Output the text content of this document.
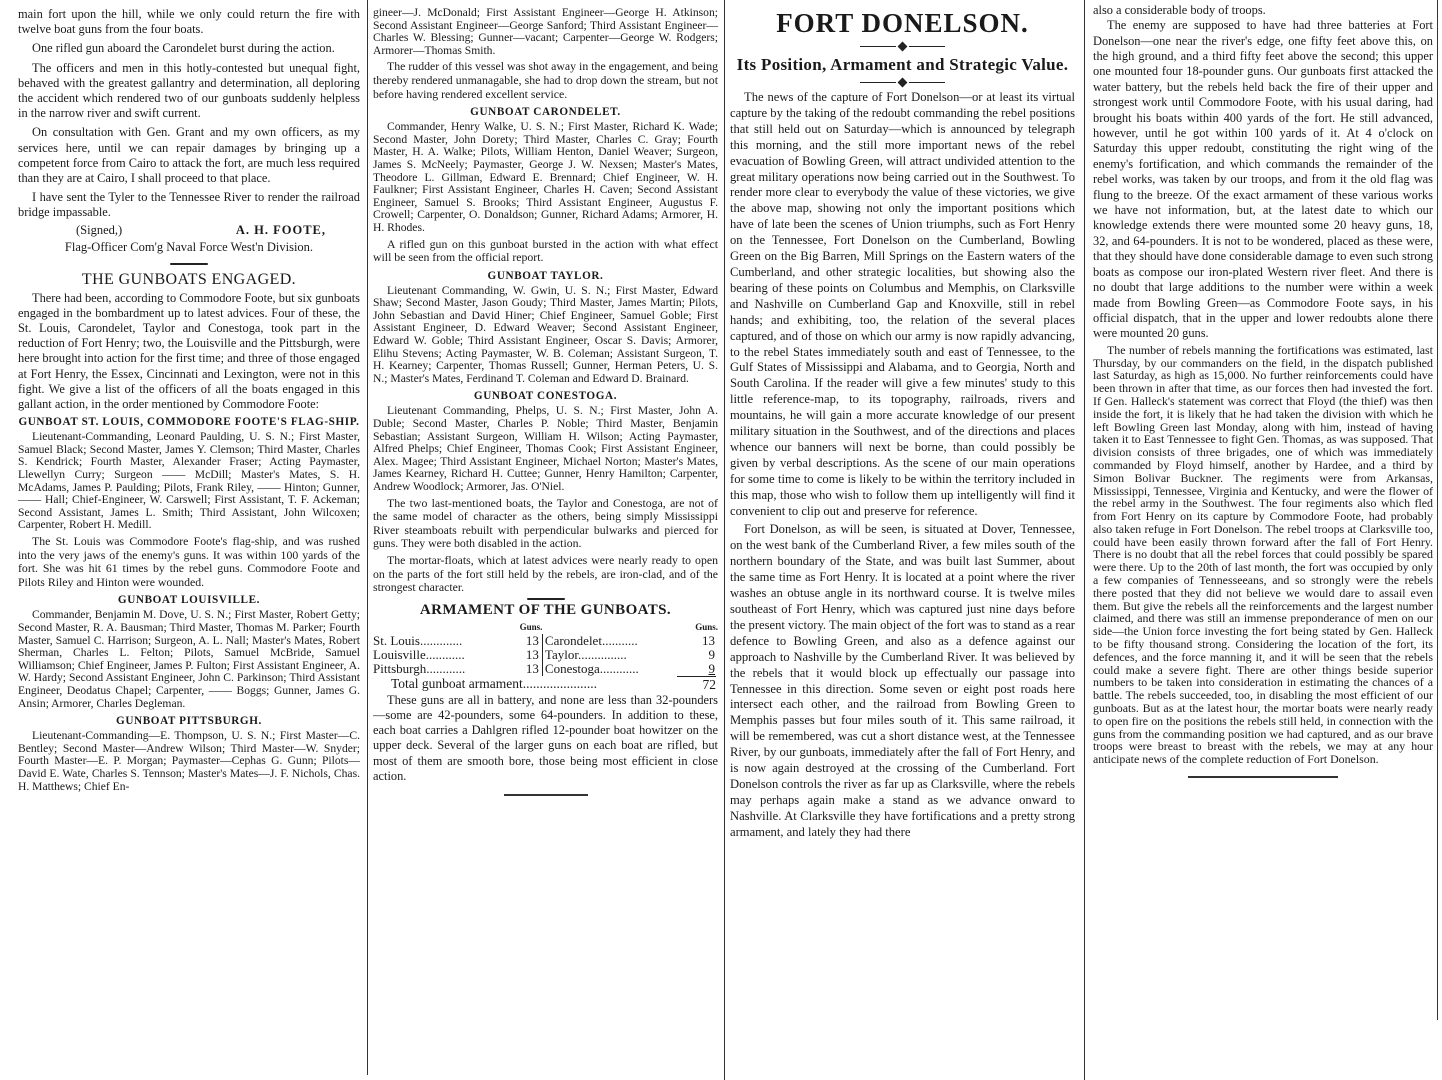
main fort upon the hill, while we only could return the fire with twelve boat guns from the four boats.

One rifled gun aboard the Carondelet burst during the action.

The officers and men in this hotly-contested but unequal fight, behaved with the greatest gallantry and determination, all deploring the accident which rendered two of our gunboats suddenly helpless in the narrow river and swift current.

On consultation with Gen. Grant and my own officers, as my services here, until we can repair damages by bringing up a competent force from Cairo to attack the fort, are much less required than they are at Cairo, I shall proceed to that place.

I have sent the Tyler to the Tennessee River to render the railroad bridge impassable.

(Signed,)	A. H. FOOTE,
Flag-Officer Com'g Naval Force West'n Division.
THE GUNBOATS ENGAGED.

There had been, according to Commodore Foote, but six gunboats engaged in the bombardment up to latest advices. Four of these, the St. Louis, Carondelet, Taylor and Conestoga, took part in the reduction of Fort Henry; two, the Louisville and the Pittsburgh, were here brought into action for the first time; and three of those engaged at Fort Henry, the Essex, Cincinnati and Lexington, were not in this fight. We give a list of the officers of all the boats engaged in this gallant action, in the order mentioned by Commodore Foote:

GUNBOAT ST. LOUIS, COMMODORE FOOTE'S FLAG-SHIP.

Lieutenant-Commanding, Leonard Paulding, U. S. N.; First Master, Samuel Black; Second Master, James Y. Clemson; Third Master, Charles S. Kendrick; Fourth Master, Alexander Fraser; Acting Paymaster, Llewellyn Curry; Surgeon —— McDill; Master's Mates, S. H. McAdams, James P. Paulding; Pilots, Frank Riley, —— Hinton; Gunner, —— Hall; Chief-Engineer, W. Carswell; First Assistant, T. F. Ackeman; Second Assistant, James L. Smith; Third Assistant, John Wilcoxen; Carpenter, Robert H. Medill.

The St. Louis was Commodore Foote's flag-ship, and was rushed into the very jaws of the enemy's guns. It was within 100 yards of the fort. She was hit 61 times by the rebel guns. Commodore Foote and Pilots Riley and Hinton were wounded.

GUNBOAT LOUISVILLE.

Commander, Benjamin M. Dove, U. S. N.; First Master, Robert Getty; Second Master, R. A. Bausman; Third Master, Thomas M. Parker; Fourth Master, Samuel C. Harrison; Surgeon, A. L. Nall; Master's Mates, Robert Sherman, Charles L. Felton; Pilots, Samuel McBride, Samuel Williamson; Chief Engineer, James P. Fulton; First Assistant Engineer, A. W. Hardy; Second Assistant Engineer, John C. Parkinson; Third Assistant Engineer, Deodatus Chapel; Carpenter, —— Boggs; Gunner, James G. Ansin; Armorer, Charles Degleman.

GUNBOAT PITTSBURGH.

Lieutenant-Commanding—E. Thompson, U. S. N.; First Master—C. Bentley; Second Master—Andrew Wilson; Third Master—W. Snyder; Fourth Master—E. P. Morgan; Paymaster—Cephas G. Gunn; Pilots—David E. Wate, Charles S. Tennson; Master's Mates—J. F. Nichols, Chas. H. Matthews; Chief En-

gineer—J. McDonald; First Assistant Engineer—George H. Atkinson; Second Assistant Engineer—George Sanford; Third Assistant Engineer—Charles W. Blessing; Gunner—vacant; Carpenter—George W. Rodgers; Armorer—Thomas Smith.

The rudder of this vessel was shot away in the engagement, and being thereby rendered unmanagable, she had to drop down the stream, but not before having rendered excellent service.

GUNBOAT CARONDELET.

Commander, Henry Walke, U. S. N.; First Master, Richard K. Wade; Second Master, John Dorety; Third Master, Charles C. Gray; Fourth Master, H. A. Walke; Pilots, William Henton, Daniel Weaver; Surgeon, James S. McNeely; Paymaster, George J. W. Nexsen; Master's Mates, Theodore L. Gillman, Edward E. Brennard; Chief Engineer, W. H. Faulkner; First Assistant Engineer, Charles H. Caven; Second Assistant Engineer, Samuel S. Brooks; Third Assistant Engineer, Augustus F. Crowell; Carpenter, O. Donaldson; Gunner, Richard Adams; Armorer, H. H. Rhodes.

A rifled gun on this gunboat bursted in the action with what effect will be seen from the official report.

GUNBOAT TAYLOR.

Lieutenant Commanding, W. Gwin, U. S. N.; First Master, Edward Shaw; Second Master, Jason Goudy; Third Master, James Martin; Pilots, John Sebastian and David Hiner; Chief Engineer, Samuel Goble; First Assistant Engineer, D. Edward Weaver; Second Assistant Engineer, Edward W. Goble; Third Assistant Engineer, Oscar S. Davis; Armorer, Elihu Stevens; Acting Paymaster, W. B. Coleman; Assistant Surgeon, T. H. Kearney; Carpenter, Thomas Russell; Gunner, Herman Peters, U. S. N.; Master's Mates, Ferdinand T. Coleman and Edward D. Brainard.

GUNBOAT CONESTOGA.

Lieutenant Commanding, Phelps, U. S. N.; First Master, John A. Duble; Second Master, Charles P. Noble; Third Master, Benjamin Sebastian; Assistant Surgeon, William H. Wilson; Acting Paymaster, Alfred Phelps; Chief Engineer, Thomas Cook; First Assistant Engineer, Alex. Magee; Third Assistant Engineer, Michael Norton; Master's Mates, James Kearney, Richard H. Cuttee; Gunner, Henry Hamilton; Carpenter, Andrew Woodlock; Armorer, Jas. O'Niel.

The two last-mentioned boats, the Taylor and Conestoga, are not of the same model of character as the others, being simply Mississippi River steamboats rebuilt with perpendicular bulwarks and pierced for guns. They were both disabled in the action.

The mortar-floats, which at latest advices were nearly ready to open on the parts of the fort still held by the rebels, are iron-clad, and of the strongest character.

ARMAMENT OF THE GUNBOATS.
	Guns.		Guns.
St. Louis.............	13	Carondelet...........	13
Louisville............	13	Taylor...............	9
Pittsburgh............	13	Conestoga............	9
Total gunboat armament......................	72

These guns are all in battery, and none are less than 32-pounders—some are 42-pounders, some 64-pounders. In addition to these, each boat carries a Dahlgren rifled 12-pounder boat howitzer on the upper deck. Several of the larger guns on each boat are rifled, but most of them are smooth bore, those being most efficient in close action.

FORT DONELSON.
Its Position, Armament and Strategic Value.

The news of the capture of Fort Donelson—or at least its virtual capture by the taking of the redoubt commanding the rebel positions that still held out on Saturday—which is announced by telegraph this morning, and the still more important news of the rebel evacuation of Bowling Green, will attract undivided attention to the great military operations now being carried out in the Southwest. To render more clear to everybody the value of these victories, we give the above map, showing not only the important positions which have of late been the scenes of Union triumphs, such as Fort Henry on the Tennessee, Fort Donelson on the Cumberland, Bowling Green on the Big Barren, Mill Springs on the Eastern waters of the Cumberland, and other strategic localities, but showing also the bearing of these points on Columbus and Memphis, on Clarksville and Nashville on Cumberland Gap and Knoxville, still in rebel hands; and exhibiting, too, the relation of the several places captured, and of those on which our army is now rapidly advancing, to the rebel States immediately south and east of Tennessee, to the Gulf States of Mississippi and Alabama, and to Georgia, North and South Carolina. If the reader will give a few minutes' study to this little reference-map, to its topography, railroads, rivers and mountains, he will gain a more accurate knowledge of our present military situation in the Southwest, and of the directions and places whence our banners will next be borne, than could possibly be given by verbal descriptions. As the scene of our main operations for some time to come is likely to be within the territory included in this map, those who wish to follow them up intelligently will find it convenient to clip out and preserve for reference.

Fort Donelson, as will be seen, is situated at Dover, Tennessee, on the west bank of the Cumberland River, a few miles south of the northern boundary of the State, and was built last Summer, about the same time as Fort Henry. It is located at a point where the river washes an obtuse angle in its northward course. It is twelve miles southeast of Fort Henry, which was captured just nine days before the present victory. The main object of the fort was to stand as a rear defence to Bowling Green, and also as a defence against our approach to Nashville by the Cumberland River. It was believed by the rebels that it would block up effectually our passage into Tennessee in this direction. Some seven or eight post roads here intersect each other, and the railroad from Bowling Green to Memphis passes but four miles south of it. This same railroad, it will be remembered, was cut a short distance west, at the Tennessee River, by our gunboats, immediately after the fall of Fort Henry, and is now again destroyed at the crossing of the Cumberland. Fort Donelson controls the river as far up as Clarksville, where the rebels may perhaps again make a stand as we advance onward to Nashville. At Clarksville they have fortifications and a pretty strong armament, and lately they had there

also a considerable body of troops.

The enemy are supposed to have had three batteries at Fort Donelson—one near the river's edge, one fifty feet above this, on the high ground, and a third fifty feet above the second; this upper one mounted four 18-pounder guns. Our gunboats first attacked the water battery, but the rebels held back the fire of their upper and strongest work until Commodore Foote, with his usual daring, had brought his boats within 400 yards of the fort. He still advanced, however, until he got within 100 yards of it. At 4 o'clock on Saturday this upper redoubt, constituting the right wing of the enemy's fortification, and which commands the remainder of the rebel works, was taken by our troops, and from it the old flag was flung to the breeze. Of the exact armament of these various works we have not information, but, at the latest date to which our knowledge extends there were mounted some 20 heavy guns, 18, 32, and 64-pounders. It is not to be wondered, placed as these were, that they should have done considerable damage to even such strong boats as compose our iron-plated Western river fleet. And there is no doubt that large additions to the number were within a week made from Bowling Green—as Commodore Foote says, in his official dispatch, that in the upper and lower redoubts alone there were mounted 20 guns.

The number of rebels manning the fortifications was estimated, last Thursday, by our commanders on the field, in the dispatch published last Saturday, as high as 15,000. No further reinforcements could have been thrown in after that time, as our forces then had invested the fort. If Gen. Halleck's statement was correct that Floyd (the thief) was then inside the fort, it is likely that he had taken the division with which he left Bowling Green last Monday, along with him, instead of having taken it to East Tennessee to fight Gen. Thomas, as was supposed. That division consists of three brigades, one of which was immediately commanded by Floyd himself, another by Hardee, and a third by Simon Bolivar Buckner. The regiments were from Arkansas, Mississippi, Tennessee, Virginia and Kentucky, and were the flower of the rebel army in the Southwest. The four regiments also which fled from Fort Henry on its capture by Commodore Foote, had probably also taken refuge in Fort Donelson. The rebel troops at Clarksville too, could have been easily thrown forward after the fall of Fort Henry. There is no doubt that all the rebel forces that could possibly be spared were there. Up to the 20th of last month, the fort was occupied by only a few companies of Tennesseeans, and so strongly were the rebels there posted that they did not believe we would dare to assail even them. But give the rebels all the reinforcements and the largest number claimed, and there was still an immense preponderance of men on our side—the Union force investing the fort being stated by Gen. Halleck to be fifty thousand strong. Considering the location of the fort, its defences, and the force manning it, and it will be seen that the rebels could make a severe fight. There are other things beside superior numbers to be taken into consideration in estimating the chances of a battle. The rebels succeeded, too, in disabling the most efficient of our gunboats. But as at the latest hour, the mortar boats were nearly ready to open fire on the positions the rebels still held, in connection with the guns from the commanding position we had captured, and as our brave troops were breast to breast with the rebels, we may at any hour anticipate news of the complete reduction of Fort Donelson.
